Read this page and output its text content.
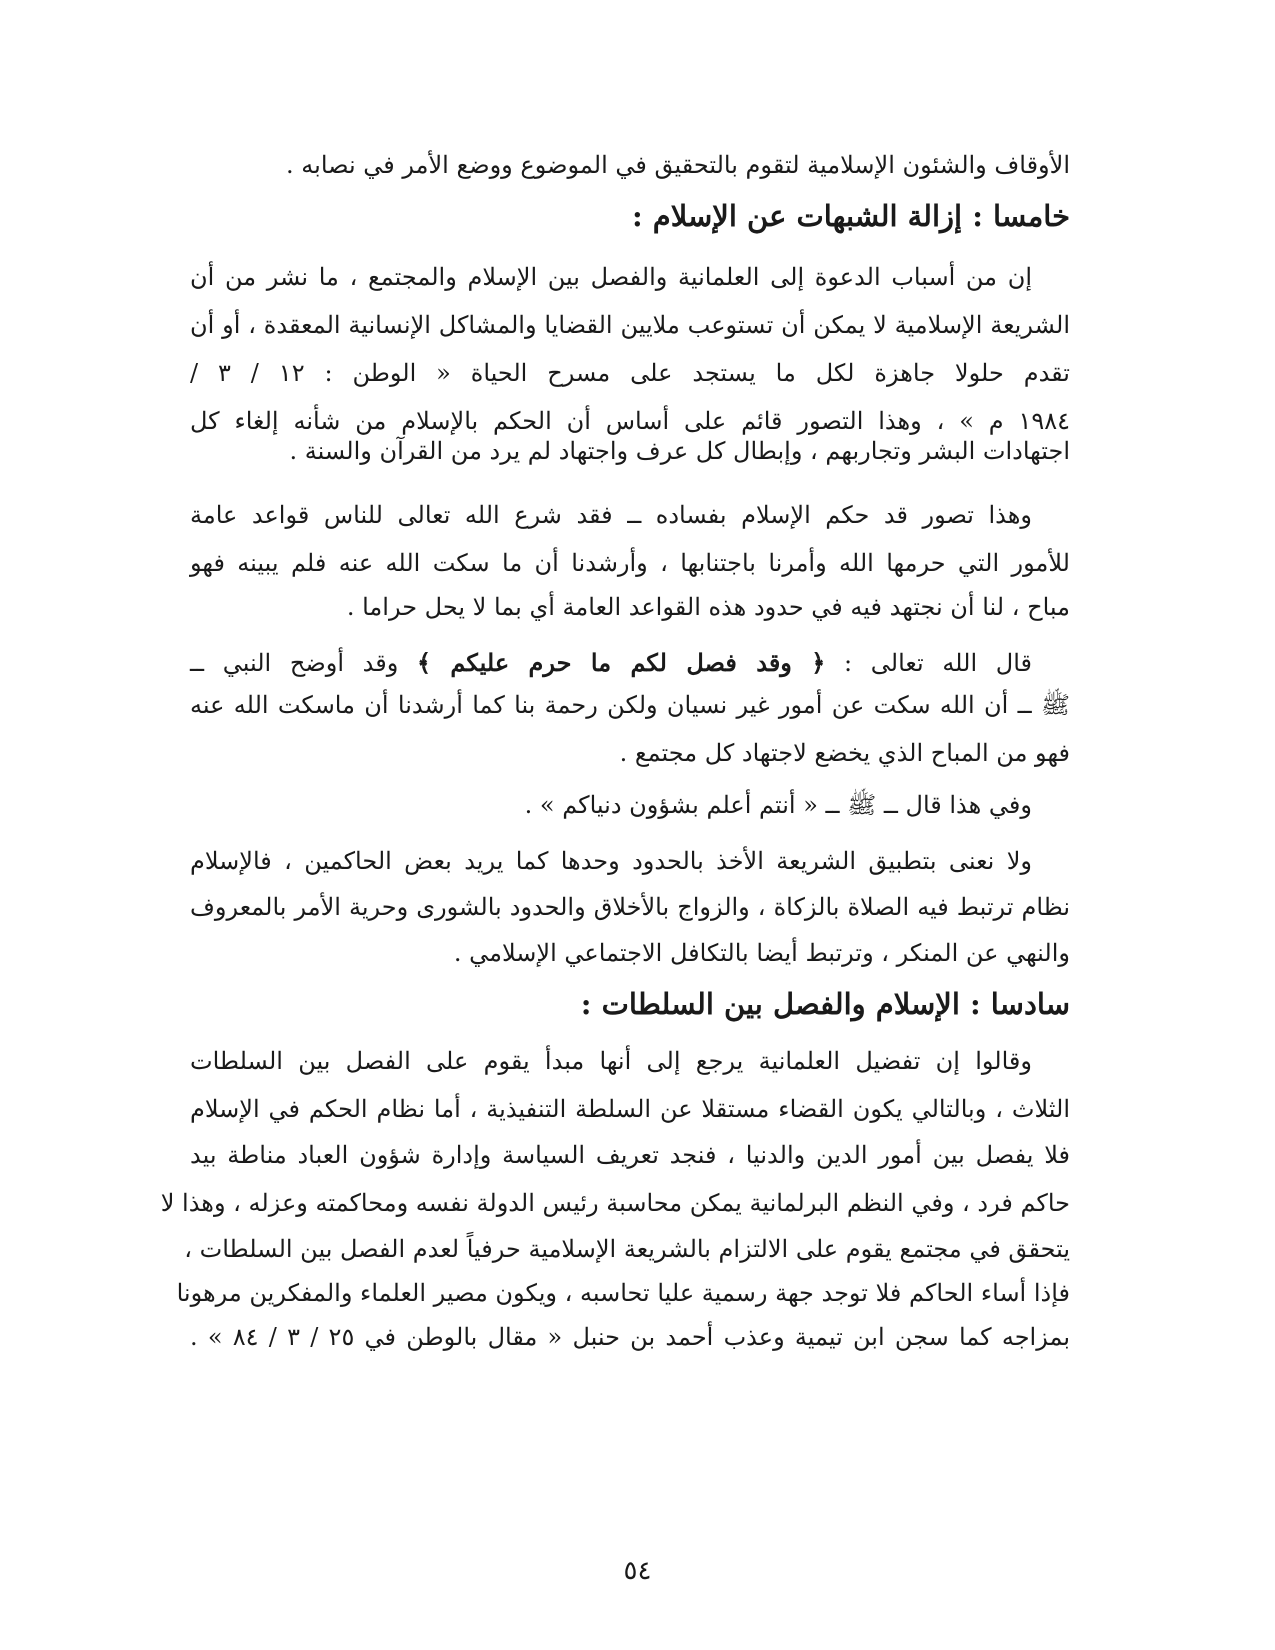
الأوقاف والشئون الإسلامية لتقوم بالتحقيق في الموضوع ووضع الأمر في نصابه .
خامسا : إزالة الشبهات عن الإسلام :
إن من أسباب الدعوة إلى العلمانية والفصل بين الإسلام والمجتمع ، ما نشر من أن
الشريعة الإسلامية لا يمكن أن تستوعب ملايين القضايا والمشاكل الإنسانية المعقدة ، أو أن
تقدم حلولا جاهزة لكل ما يستجد على مسرح الحياة « الوطن : ١٢ / ٣ /
١٩٨٤ م » ، وهذا التصور قائم على أساس أن الحكم بالإسلام من شأنه إلغاء كل
اجتهادات البشر وتجاربهم ، وإبطال كل عرف واجتهاد لم يرد من القرآن والسنة .
وهذا تصور قد حكم الإسلام بفساده ــ فقد شرع الله تعالى للناس قواعد عامة
للأمور التي حرمها الله وأمرنا باجتنابها ، وأرشدنا أن ما سكت الله عنه فلم يبينه فهو
مباح ، لنا أن نجتهد فيه في حدود هذه القواعد العامة أي بما لا يحل حراما .
قال الله تعالى : ﴿ وقد فصل لكم ما حرم عليكم ﴾ وقد أوضح النبي ــ
ﷺ ــ أن الله سكت عن أمور غير نسيان ولكن رحمة بنا كما أرشدنا أن ماسكت الله عنه
فهو من المباح الذي يخضع لاجتهاد كل مجتمع .
وفي هذا قال ــ ﷺ ــ « أنتم أعلم بشؤون دنياكم » .
ولا نعنى بتطبيق الشريعة الأخذ بالحدود وحدها كما يريد بعض الحاكمين ، فالإسلام
نظام ترتبط فيه الصلاة بالزكاة ، والزواج بالأخلاق والحدود بالشورى وحرية الأمر بالمعروف
والنهي عن المنكر ، وترتبط أيضا بالتكافل الاجتماعي الإسلامي .
سادسا : الإسلام والفصل بين السلطات :
وقالوا إن تفضيل العلمانية يرجع إلى أنها مبدأ يقوم على الفصل بين السلطات
الثلاث ، وبالتالي يكون القضاء مستقلا عن السلطة التنفيذية ، أما نظام الحكم في الإسلام
فلا يفصل بين أمور الدين والدنيا ، فنجد تعريف السياسة وإدارة شؤون العباد مناطة بيد
حاكم فرد ، وفي النظم البرلمانية يمكن محاسبة رئيس الدولة نفسه ومحاكمته وعزله ، وهذا لا
يتحقق في مجتمع يقوم على الالتزام بالشريعة الإسلامية حرفياً لعدم الفصل بين السلطات ،
فإذا أساء الحاكم فلا توجد جهة رسمية عليا تحاسبه ، ويكون مصير العلماء والمفكرين مرهونا
بمزاجه كما سجن ابن تيمية وعذب أحمد بن حنبل « مقال بالوطن في ٢٥ / ٣ / ٨٤ » .
٥٤
